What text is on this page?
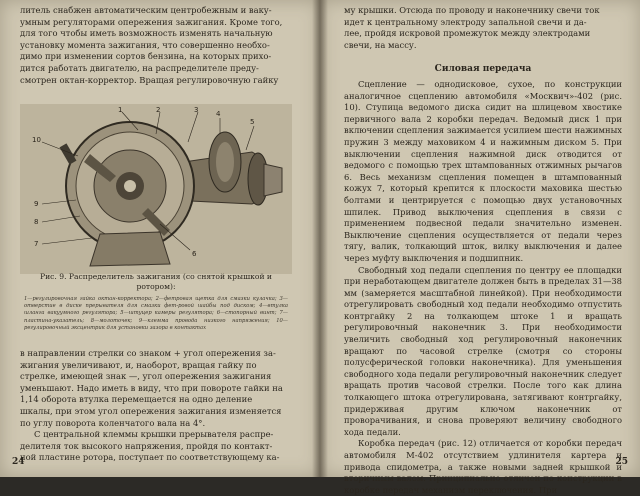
литель снабжен автоматическим центробежным и ваку-

умным регуляторами опережения зажигания. Кроме того,

для того чтобы иметь возможность изменять начальную

установку момента зажигания, что совершенно необхо-

димо при изменении сортов бензина, на которых прихо-

дится работать двигателю, на распределителе преду-

смотрен октан-корректор. Вращая регулировочную гайку

10
9
8
7
1	2	3	4
5
6
Рис. 9. Распределитель зажигания (со снятой крышкой и
ротором):
1—регулировочная гайка октан-корректора; 2—фетровая щетка для смазки кулачка; 3—отверстие в диске прерывателя для смазки фет-ровой шайбы под диском; 4—втулка шланга вакуумного регулятора; 5—штуцер камеры регулятора; 6—стопорный винт; 7—пластина-указатель; 8—молоточек; 9—клемма провода низкого напряжения; 10—регулировочный эксцентрик для установки зазора в контактах

в направлении стрелки со знаком + угол опережения за-

жигания увеличивают, и, наоборот, вращая гайку по

стрелке, имеющей знак —, угол опережения зажигания

уменьшают. Надо иметь в виду, что при повороте гайки на

1,14 оборота втулка перемещается на одно деление

шкалы, при этом угол опережения зажигания изменяется

по углу поворота коленчатого вала на 4°.

С центральной клеммы крышки прерывателя распре-

делителя ток высокого напряжения, пройдя по контакт-

ной пластине ротора, поступает по соответствующему ка-

24

му крышки. Отсюда по проводу и наконечнику свечи ток

идет к центральному электроду запальной свечи и да-

лее, пройдя искровой промежуток между электродами

свечи, на массу.

Силовая передача

Сцепление — однодисковое, сухое, по конструкции аналогичное сцеплению автомобиля «Москвич»-402 (рис. 10). Ступица ведомого диска сидит на шлицевом хвостике первичного вала 2 коробки передач. Ведомый диск 1 при включении сцепления зажимается усилием шести нажимных пружин 3 между маховиком 4 и нажимным диском 5. При выключении сцепления нажимной диск отводится от ведомого с помощью трех штампованных отжимных рычагов 6. Весь механизм сцепления помещен в штампованный кожух 7, который крепится к плоскости маховика шестью болтами и центрируется с помощью двух установочных шпилек. Привод выключения сцепления в связи с применением подвесной педали значительно изменен. Выключение сцепления осуществляется от педали через тягу, валик, толкающий шток, вилку выключения и далее через муфту выключения и подшипник.

Свободный ход педали сцепления по центру ее площадки при неработающем двигателе должен быть в пределах 31—38 мм (замеряется масштабной линейкой). При необходимости отрегулировать свободный ход педали необходимо отпустить контргайку 2 на толкающем штоке 1 и вращать регулировочный наконечник 3. При необходимости увеличить свободный ход регулировочный наконечник вращают по часовой стрелке (смотря со стороны полусферической головки наконечника). Для уменьшения свободного хода педали регулировочный наконечник следует вращать против часовой стрелки. После того как длина толкающего штока отрегулирована, затягивают контргайку, придерживая другим ключом наконечник от проворачивания, и снова проверяют величину свободного хода педали.

Коробка передач (рис. 12) отличается от коробки передач автомобиля М-402 отсутствием удлинителя картера и привода спидометра, а также новыми задней крышкой и вторичным валом. Принципиально отличен по конструкции в коробке передач механизм переключения. При

25
